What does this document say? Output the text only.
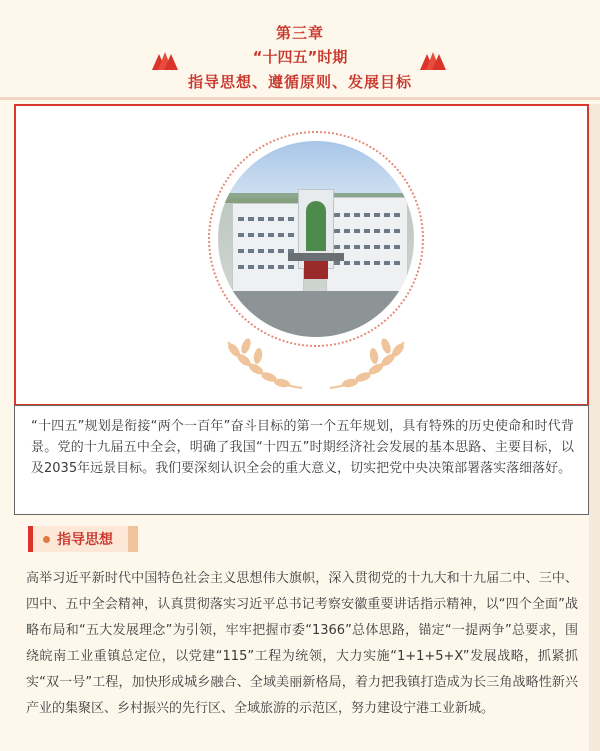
第三章
“十四五”时期
指导思想、遵循原则、发展目标
“十四五”规划是衔接“两个一百年”奋斗目标的第一个五年规划，具有特殊的历史使命和时代背景。党的十九届五中全会，明确了我国“十四五”时期经济社会发展的基本思路、主要目标，以及2035年远景目标。我们要深刻认识全会的重大意义，切实把党中央决策部署落实落细落好。
指导思想
高举习近平新时代中国特色社会主义思想伟大旗帜，深入贯彻党的十九大和十九届二中、三中、四中、五中全会精神，认真贯彻落实习近平总书记考察安徽重要讲话指示精神，以“四个全面”战略布局和“五大发展理念”为引领，牢牢把握市委“1366”总体思路，锚定“一提两争”总要求，围绕皖南工业重镇总定位，以党建“115”工程为统领，大力实施“1+1+5+X”发展战略，抓紧抓实“双一号”工程，加快形成城乡融合、全域美丽新格局，着力把我镇打造成为长三角战略性新兴产业的集聚区、乡村振兴的先行区、全域旅游的示范区，努力建设宁港工业新城。
